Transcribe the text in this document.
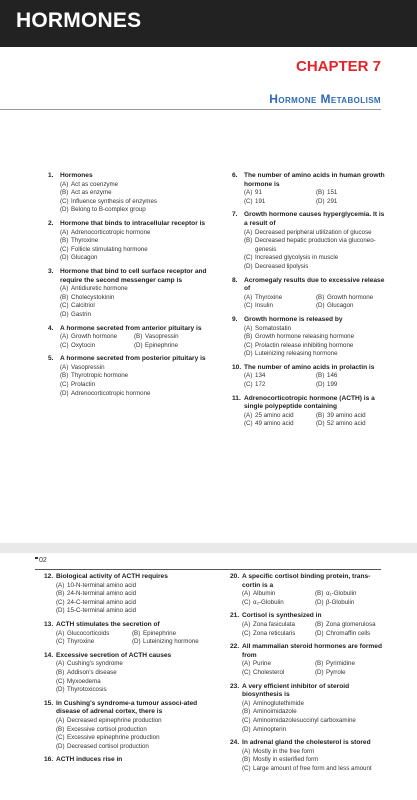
HORMONES
CHAPTER 7
Hormone Metabolism
1. Hormones
(A) Act as coenzyme
(B) Act as enzyme
(C) Influence synthesis of enzymes
(D) Belong to B-complex group
2. Hormone that binds to intracellular receptor is
(A) Adrenocorticotropic hormone
(B) Thyroxine
(C) Follicle stimulating hormone
(D) Glucagon
3. Hormone that bind to cell surface receptor and require the second messenger camp is
(A) Antidiuretic hormone
(B) Cholecystokinin
(C) Calcitriol
(D) Gastrin
4. A hormone secreted from anterior pituitary is
(A) Growth hormone	(B) Vasopressin
(C) Oxytocin	(D) Epinephrine
5. A hormone secreted from posterior pituitary is
(A) Vasopressin
(B) Thyrotropic hormone
(C) Prolactin
(D) Adrenocorticotropic hormone
6. The number of amino acids in human growth hormone is
(A) 91	(B) 151
(C) 191	(D) 291
7. Growth hormone causes hyperglycemia. It is a result of
(A) Decreased peripheral utilization of glucose
(B) Decreased hepatic production via gluconeo-genesis
(C) Increased glycolysis in muscle
(D) Decreased lipolysis
8. Acromegaly results due to excessive release of
(A) Thyroxine	(B) Growth hormone
(C) Insulin	(D) Glucagon
9. Growth hormone is released by
(A) Somatostatin
(B) Growth hormone releasing hormone
(C) Prolactin release inhibiting hormone
(D) Luteinizing releasing hormone
10. The number of amino acids in prolactin is
(A) 134	(B) 146
(C) 172	(D) 199
11. Adrenocorticotropic hormone (ACTH) is a single polypeptide containing
(A) 25 amino acid	(B) 39 amino acid
(C) 49 amino acid	(D) 52 amino acid
02
12. Biological activity of ACTH requires
(A) 10-N-terminal amino acid
(B) 24-N-terminal amino acid
(C) 24-C-terminal amino acid
(D) 15-C-terminal amino acid
13. ACTH stimulates the secretion of
(A) Glucocorticoids	(B) Epinephrine
(C) Thyroxine	(D) Luteinizing hormone
14. Excessive secretion of ACTH causes
(A) Cushing's syndrome
(B) Addison's disease
(C) Myxoedema
(D) Thyrotoxicosis
15. In Cushing's syndrome-a tumour associ-ated disease of adrenal cortex, there is
(A) Decreased epinephrine production
(B) Excessive cortisol production
(C) Excessive epinephrine production
(D) Decreased cortisol production
16. ACTH induces rise in
20. A specific cortisol binding protein, trans-cortin is a
(A) Albumin	(B) α₁-Globulin
(C) α₂-Globulin	(D) β-Globulin
21. Cortisol is synthesized in
(A) Zona fasiculata	(B) Zona glomerulosa
(C) Zona reticularis	(D) Chromaffin cells
22. All mammalian steroid hormones are formed from
(A) Purine	(B) Pyrimidine
(C) Cholesterol	(D) Pyrrole
23. A very efficient inhibitor of steroid biosynthesis is
(A) Aminoglutethimide
(B) Aminoimidazole
(C) Aminoimidazolesuccinyl carboxamine
(D) Aminopterin
24. In adrenal gland the cholesterol is stored
(A) Mostly in the free form
(B) Mostly in esterified form
(C) Large amount of free form and less amount
